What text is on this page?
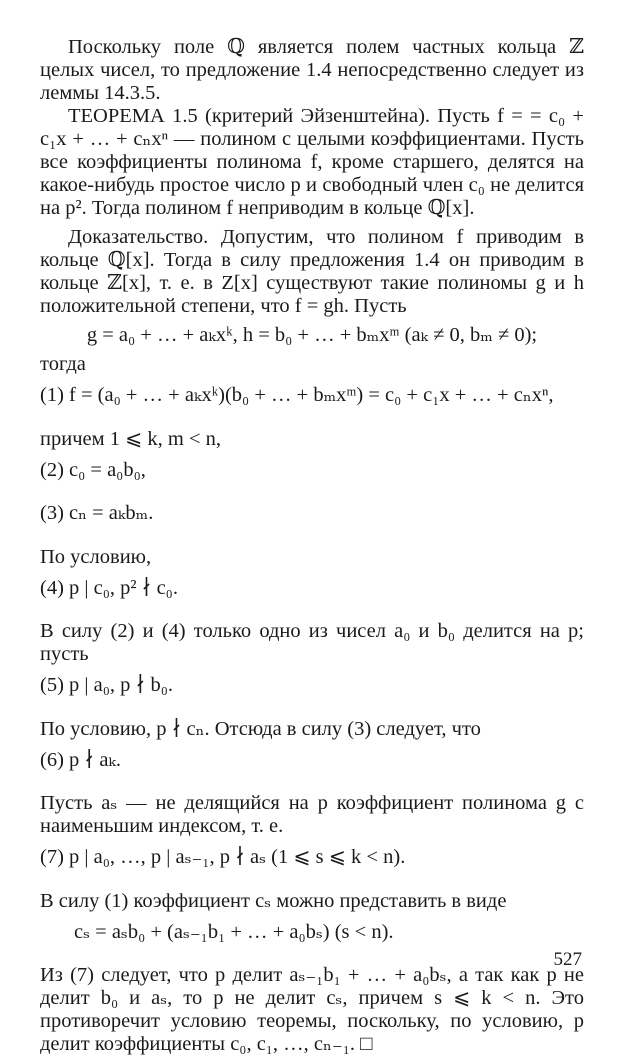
Поскольку поле ℚ является полем частных кольца ℤ целых чисел, то предложение 1.4 непосредственно следует из леммы 14.3.5.

ТЕОРЕМА 1.5 (критерий Эйзенштейна). Пусть f = = c₀ + c₁x + … + cₙxⁿ — полином с целыми коэффициентами. Пусть все коэффициенты полинома f, кроме старшего, делятся на какое-нибудь простое число p и свободный член c₀ не делится на p². Тогда полином f неприводим в кольце ℚ[x].

Доказательство. Допустим, что полином f приводим в кольце ℚ[x]. Тогда в силу предложения 1.4 он приводим в кольце ℤ[x], т. е. в Z[x] существуют такие полиномы g и h положительной степени, что f = gh. Пусть

g = a₀ + … + aₖxᵏ, h = b₀ + … + bₘxᵐ (aₖ ≠ 0, bₘ ≠ 0);

тогда

(1) f = (a₀ + … + aₖxᵏ)(b₀ + … + bₘxᵐ) = c₀ + c₁x + … + cₙxⁿ,

причем 1 ⩽ k, m < n,

(2) c₀ = a₀b₀,

(3) cₙ = aₖbₘ.

По условию,

(4) p | c₀, p² ∤ c₀.

В силу (2) и (4) только одно из чисел a₀ и b₀ делится на p; пусть

(5) p | a₀, p ∤ b₀.

По условию, p ∤ cₙ. Отсюда в силу (3) следует, что

(6) p ∤ aₖ.

Пусть aₛ — не делящийся на p коэффициент полинома g с наименьшим индексом, т. е.

(7) p | a₀, …, p | aₛ₋₁, p ∤ aₛ (1 ⩽ s ⩽ k < n).

В силу (1) коэффициент cₛ можно представить в виде

cₛ = aₛb₀ + (aₛ₋₁b₁ + … + a₀bₛ) (s < n).

Из (7) следует, что p делит aₛ₋₁b₁ + … + a₀bₛ, а так как p не делит b₀ и aₛ, то p не делит cₛ, причем s ⩽ k < n. Это противоречит условию теоремы, поскольку, по условию, p делит коэффициенты c₀, c₁, …, cₙ₋₁. □

527
